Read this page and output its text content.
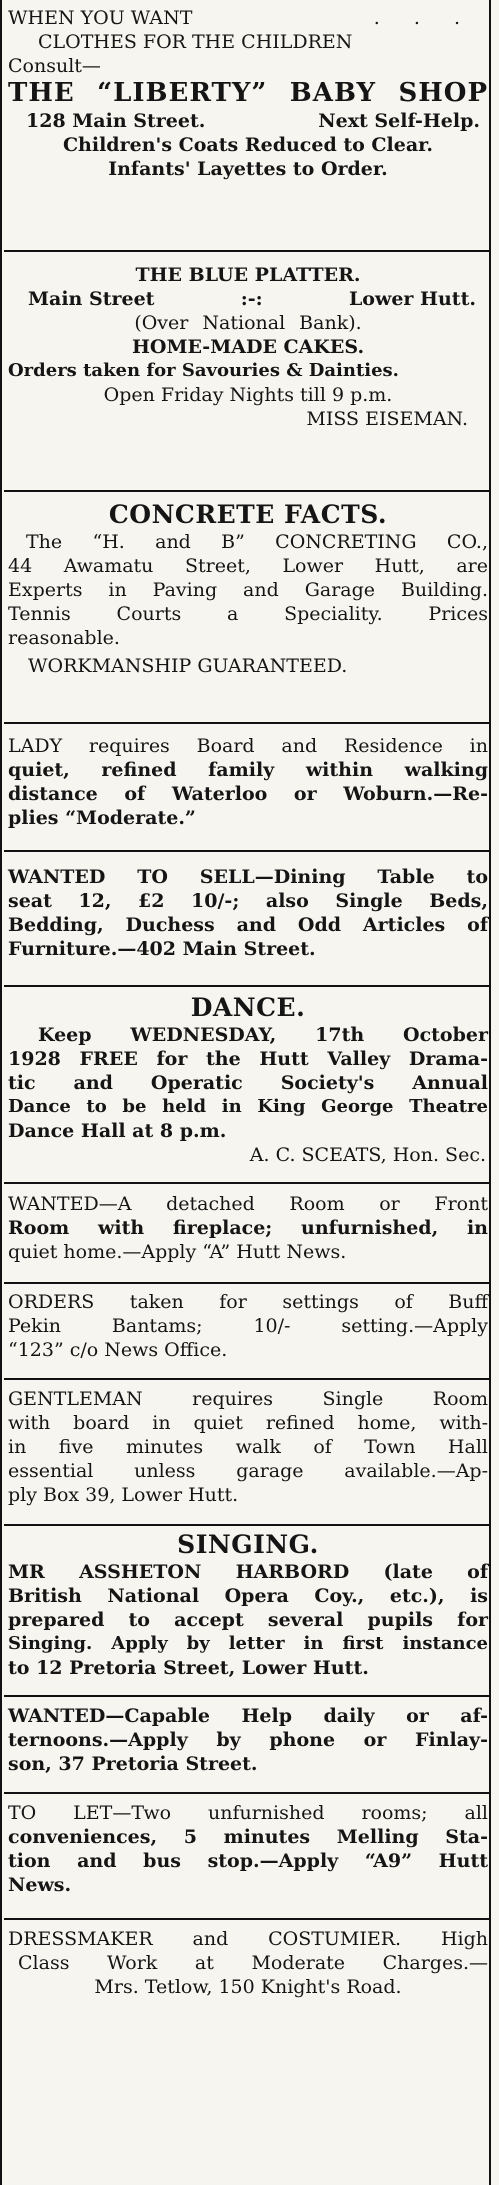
WHEN YOU WANT	. . .
CLOTHES FOR THE CHILDREN
Consult—
THE “LIBERTY” BABY SHOP
128 Main Street.	Next Self-Help.
Children's Coats Reduced to Clear.
Infants' Layettes to Order.
THE BLUE PLATTER.
Main Street	:-:	Lower Hutt.
(Over National Bank).
HOME-MADE CAKES.
Orders taken for Savouries & Dainties.
Open Friday Nights till 9 p.m.
MISS EISEMAN.
CONCRETE FACTS.
The “H. and B” CONCRETING CO.,
44 Awamatu Street, Lower Hutt, are
Experts in Paving and Garage Building.
Tennis Courts a Speciality. Prices
reasonable.
WORKMANSHIP GUARANTEED.
LADY requires Board and Residence in
quiet, refined family within walking
distance of Waterloo or Woburn.—Re-
plies “Moderate.”
WANTED TO SELL—Dining Table to
seat 12, £2 10/-; also Single Beds,
Bedding, Duchess and Odd Articles of
Furniture.—402 Main Street.
DANCE.
Keep WEDNESDAY, 17th October
1928 FREE for the Hutt Valley Drama-
tic and Operatic Society's Annual
Dance to be held in King George Theatre
Dance Hall at 8 p.m.
A. C. SCEATS, Hon. Sec.
WANTED—A detached Room or Front
Room with fireplace; unfurnished, in
quiet home.—Apply “A” Hutt News.
ORDERS taken for settings of Buff
Pekin Bantams; 10/- setting.—Apply
“123” c/o News Office.
GENTLEMAN requires Single Room
with board in quiet refined home, with-
in five minutes walk of Town Hall
essential unless garage available.—Ap-
ply Box 39, Lower Hutt.
SINGING.
MR ASSHETON HARBORD (late of
British National Opera Coy., etc.), is
prepared to accept several pupils for
Singing. Apply by letter in first instance
to 12 Pretoria Street, Lower Hutt.
WANTED—Capable Help daily or af-
ternoons.—Apply by phone or Finlay-
son, 37 Pretoria Street.
TO LET—Two unfurnished rooms; all
conveniences, 5 minutes Melling Sta-
tion and bus stop.—Apply “A9” Hutt
News.
DRESSMAKER and COSTUMIER. High
Class Work at Moderate Charges.—
Mrs. Tetlow, 150 Knight's Road.
